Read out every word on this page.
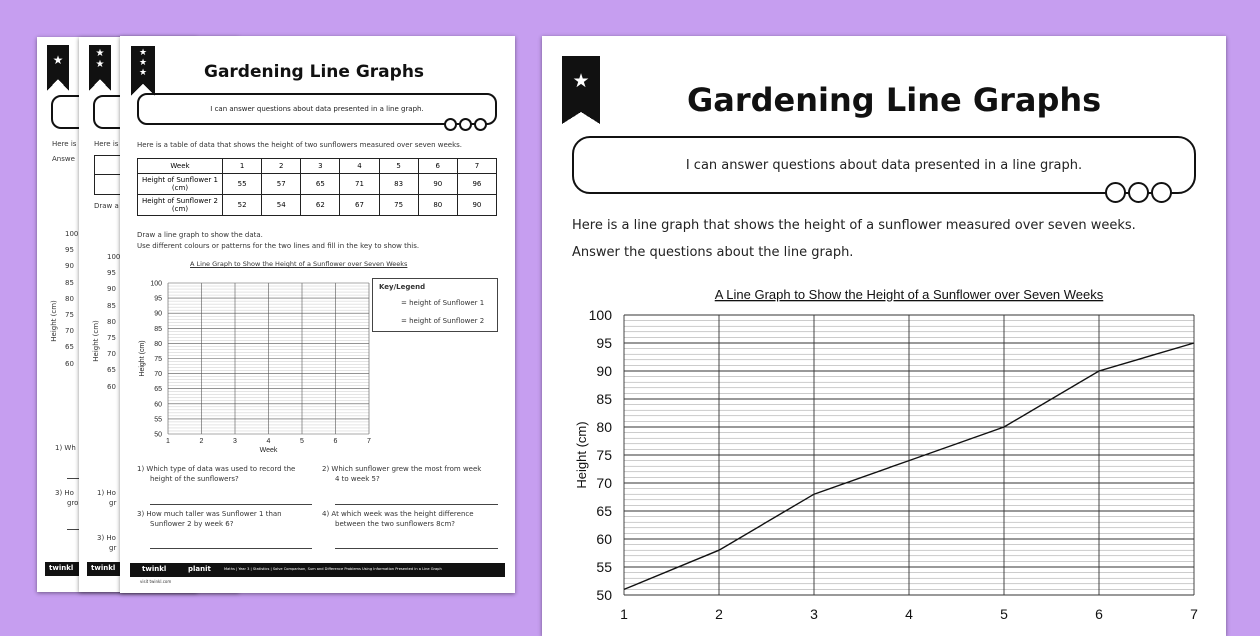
★
Here is
Answe
Height (cm)
100
95
90
85
80
75
70
65
60
1) Wh
3) Ho
gro
twinkl
★
★
Here is
Draw a
Height (cm)
100
95
90
85
80
75
70
65
60
1) Ho
gr
3) Ho
gr
twinkl
★
★
★	Gardening Line Graphs
I can answer questions about data presented in a line graph.
Here is a table of data that shows the height of two sunflowers measured over seven weeks.
Week	1	2	3	4	5	6	7
Height of Sunflower 1 (cm)	55	57	65	71	83	90	96
Height of Sunflower 2 (cm)	52	54	62	67	75	80	90
Draw a line graph to show the data.
Use different colours or patterns for the two lines and fill in the key to show this.
A Line Graph to Show the Height of a Sunflower over Seven Weeks
100
95
90
85
80
75
70
65
60
55
50
1	2	3	4	5	6	7
Week
Height (cm)
Key/Legend
= height of Sunflower 1
= height of Sunflower 2
1) Which type of data was used to record the
height of the sunflowers?
2) Which sunflower grew the most from week
4 to week 5?
3) How much taller was Sunflower 1 than
Sunflower 2 by week 6?
4) At which week was the height difference
between the two sunflowers 8cm?
twinkl	planit	Maths | Year 3 | Statistics | Solve Comparison, Sum and Difference Problems Using Information Presented in a Line Graph
visit twinkl.com
★	Gardening Line Graphs
I can answer questions about data presented in a line graph.
Here is a line graph that shows the height of a sunflower measured over seven weeks.
Answer the questions about the line graph.
A Line Graph to Show the Height of a Sunflower over Seven Weeks
100
95
90
85
80
75
70
65
60
55
50
1	2	3	4	5	6	7
Height (cm)
